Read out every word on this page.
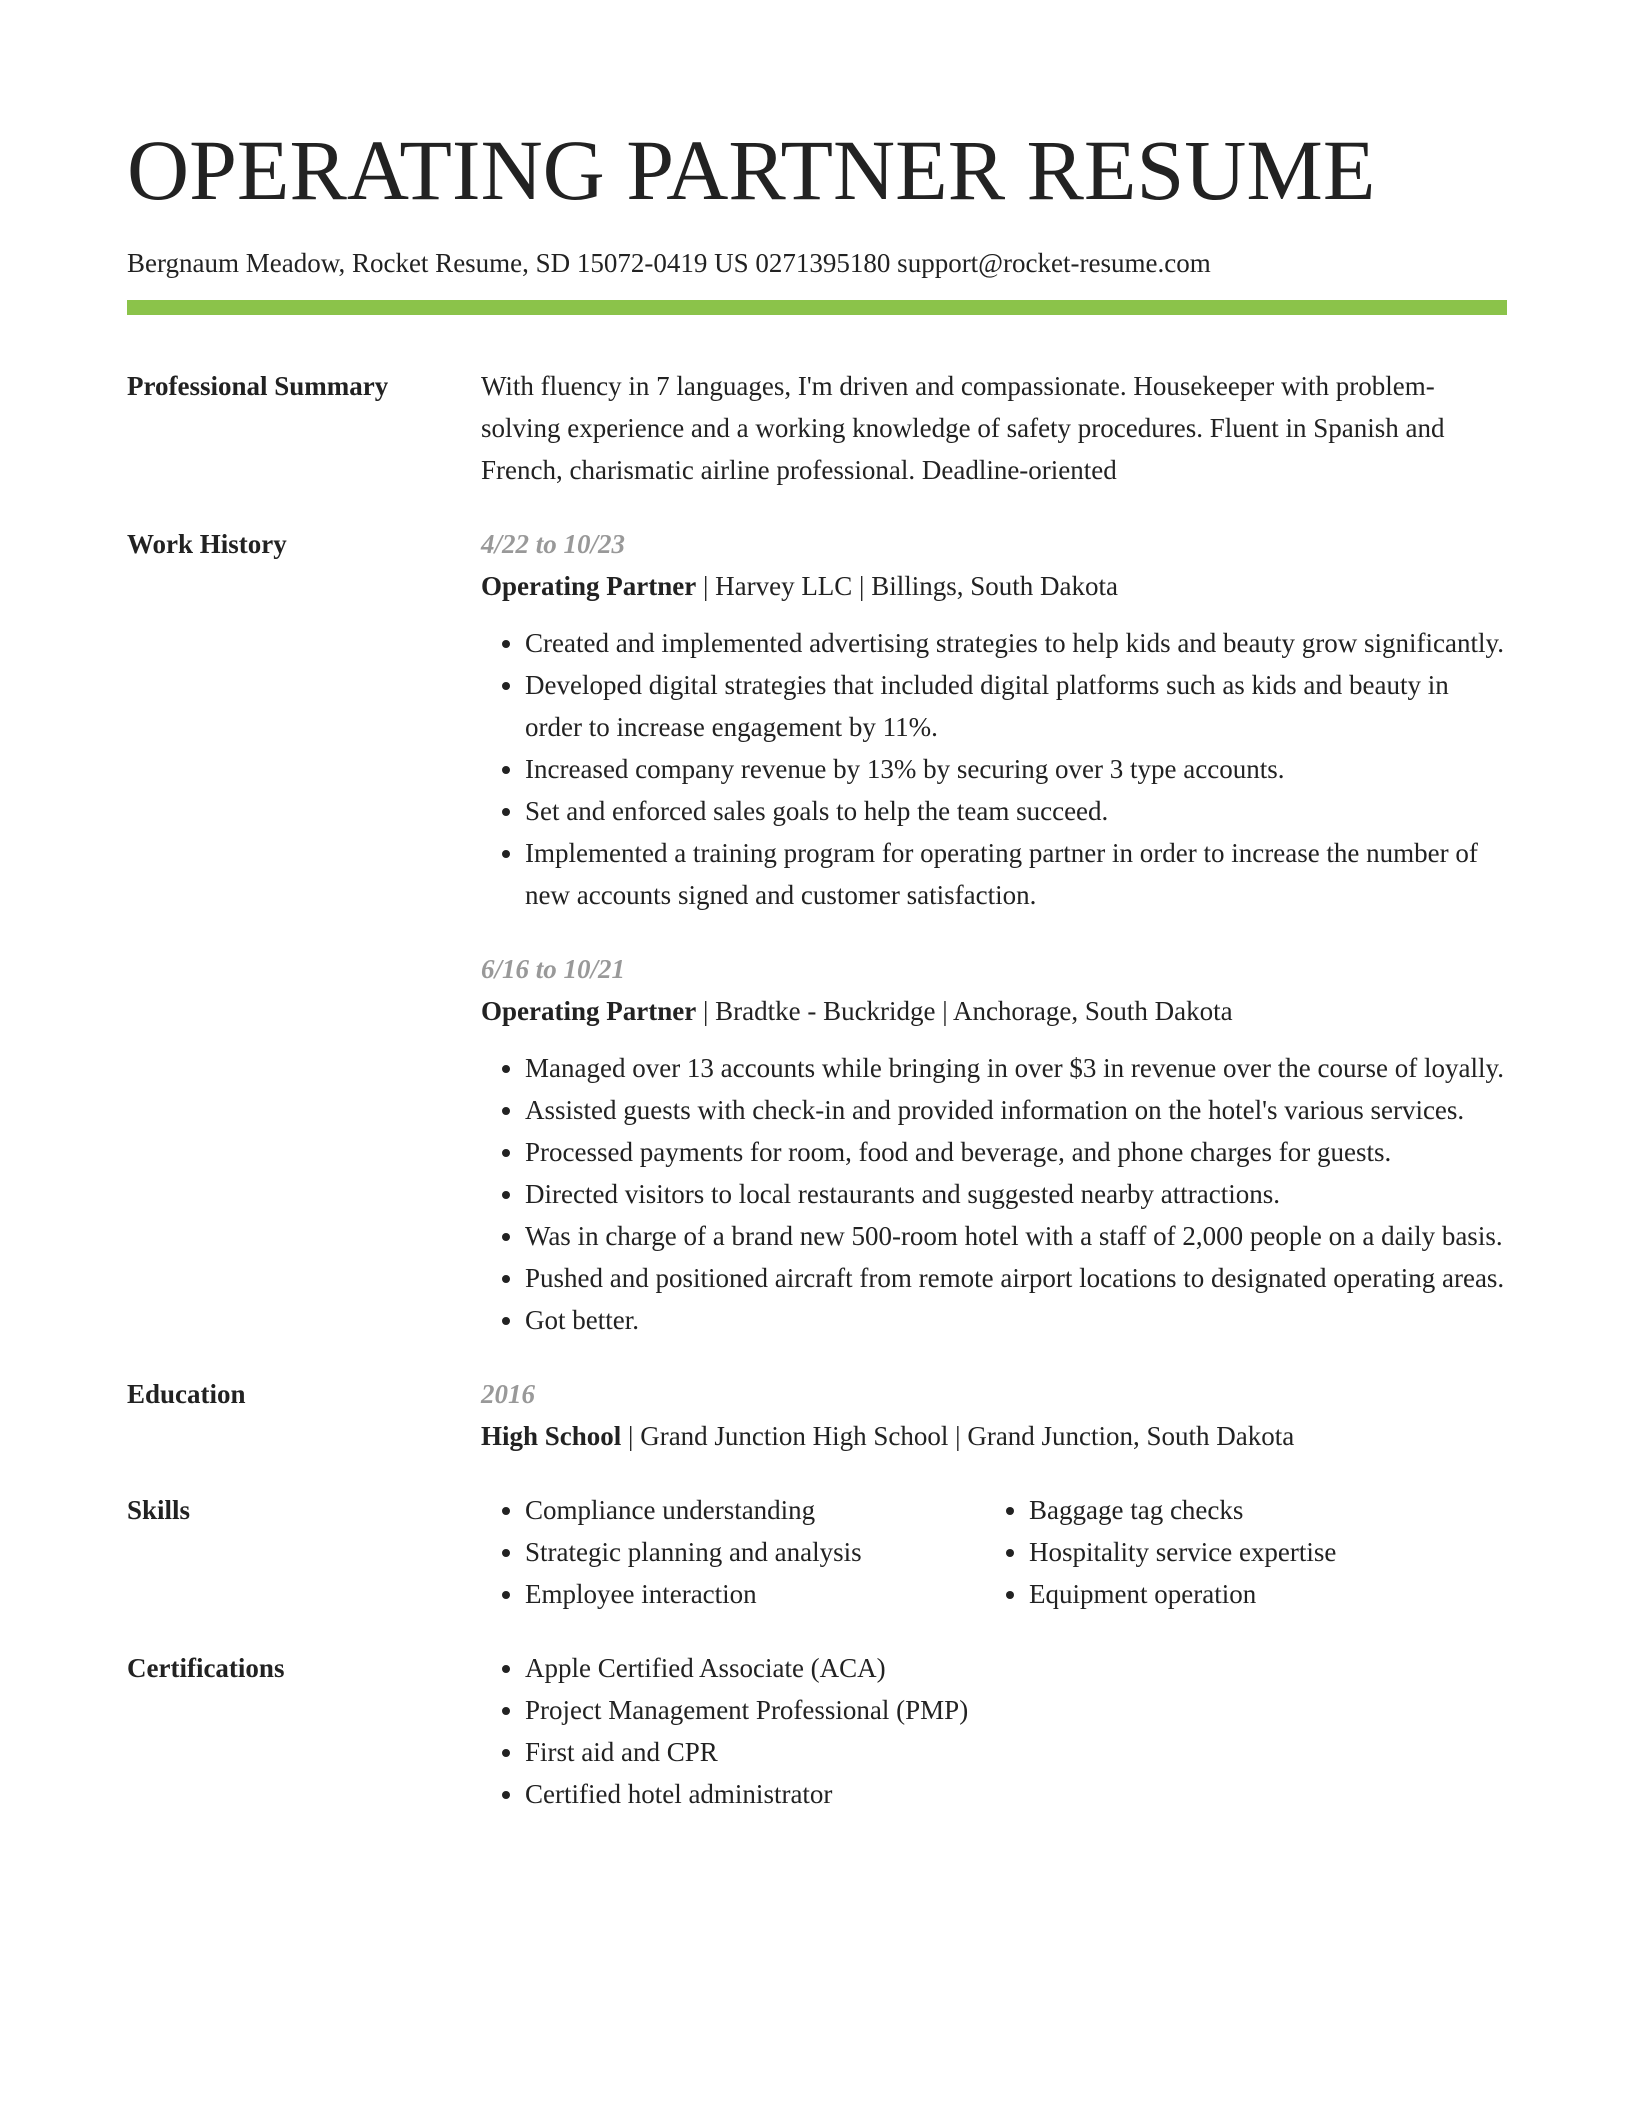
OPERATING PARTNER RESUME
Bergnaum Meadow, Rocket Resume, SD 15072-0419 US 0271395180 support@rocket-resume.com
Professional Summary	With fluency in 7 languages, I'm driven and compassionate. Housekeeper with problem-solving experience and a working knowledge of safety procedures. Fluent in Spanish and French, charismatic airline professional. Deadline-oriented
Work History	4/22 to 10/23
Operating Partner | Harvey LLC | Billings, South Dakota
• Created and implemented advertising strategies to help kids and beauty grow significantly.
• Developed digital strategies that included digital platforms such as kids and beauty in order to increase engagement by 11%.
• Increased company revenue by 13% by securing over 3 type accounts.
• Set and enforced sales goals to help the team succeed.
• Implemented a training program for operating partner in order to increase the number of new accounts signed and customer satisfaction.
6/16 to 10/21
Operating Partner | Bradtke - Buckridge | Anchorage, South Dakota
• Managed over 13 accounts while bringing in over $3 in revenue over the course of loyally.
• Assisted guests with check-in and provided information on the hotel's various services.
• Processed payments for room, food and beverage, and phone charges for guests.
• Directed visitors to local restaurants and suggested nearby attractions.
• Was in charge of a brand new 500-room hotel with a staff of 2,000 people on a daily basis.
• Pushed and positioned aircraft from remote airport locations to designated operating areas.
• Got better.
Education	2016
High School | Grand Junction High School | Grand Junction, South Dakota
Skills	• Compliance understanding
• Strategic planning and analysis
• Employee interaction
• Baggage tag checks
• Hospitality service expertise
• Equipment operation
Certifications	• Apple Certified Associate (ACA)
• Project Management Professional (PMP)
• First aid and CPR
• Certified hotel administrator
